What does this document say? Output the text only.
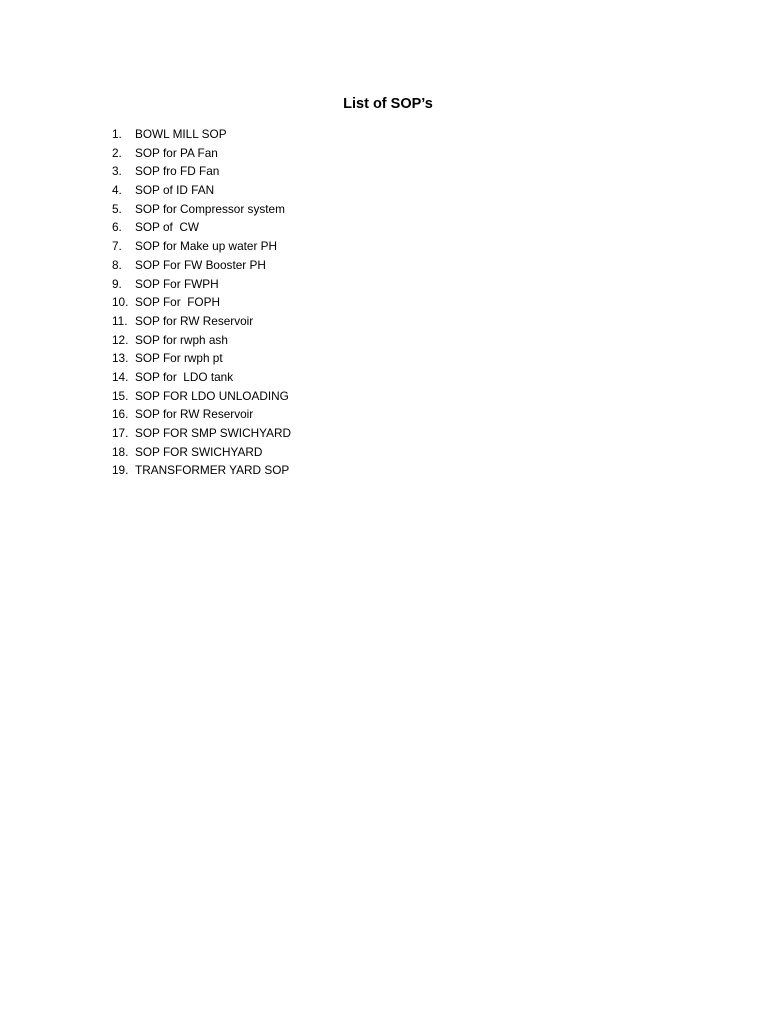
List of SOP’s
1.	BOWL MILL SOP
2.	SOP for PA Fan
3.	SOP fro FD Fan
4.	SOP of ID FAN
5.	SOP for Compressor system
6.	SOP of  CW
7.	SOP for Make up water PH
8.	SOP For FW Booster PH
9.	SOP For FWPH
10. SOP For  FOPH
11. SOP for RW Reservoir
12. SOP for rwph ash
13. SOP For rwph pt
14. SOP for  LDO tank
15. SOP FOR LDO UNLOADING
16. SOP for RW Reservoir
17. SOP FOR SMP SWICHYARD
18. SOP FOR SWICHYARD
19. TRANSFORMER YARD SOP
